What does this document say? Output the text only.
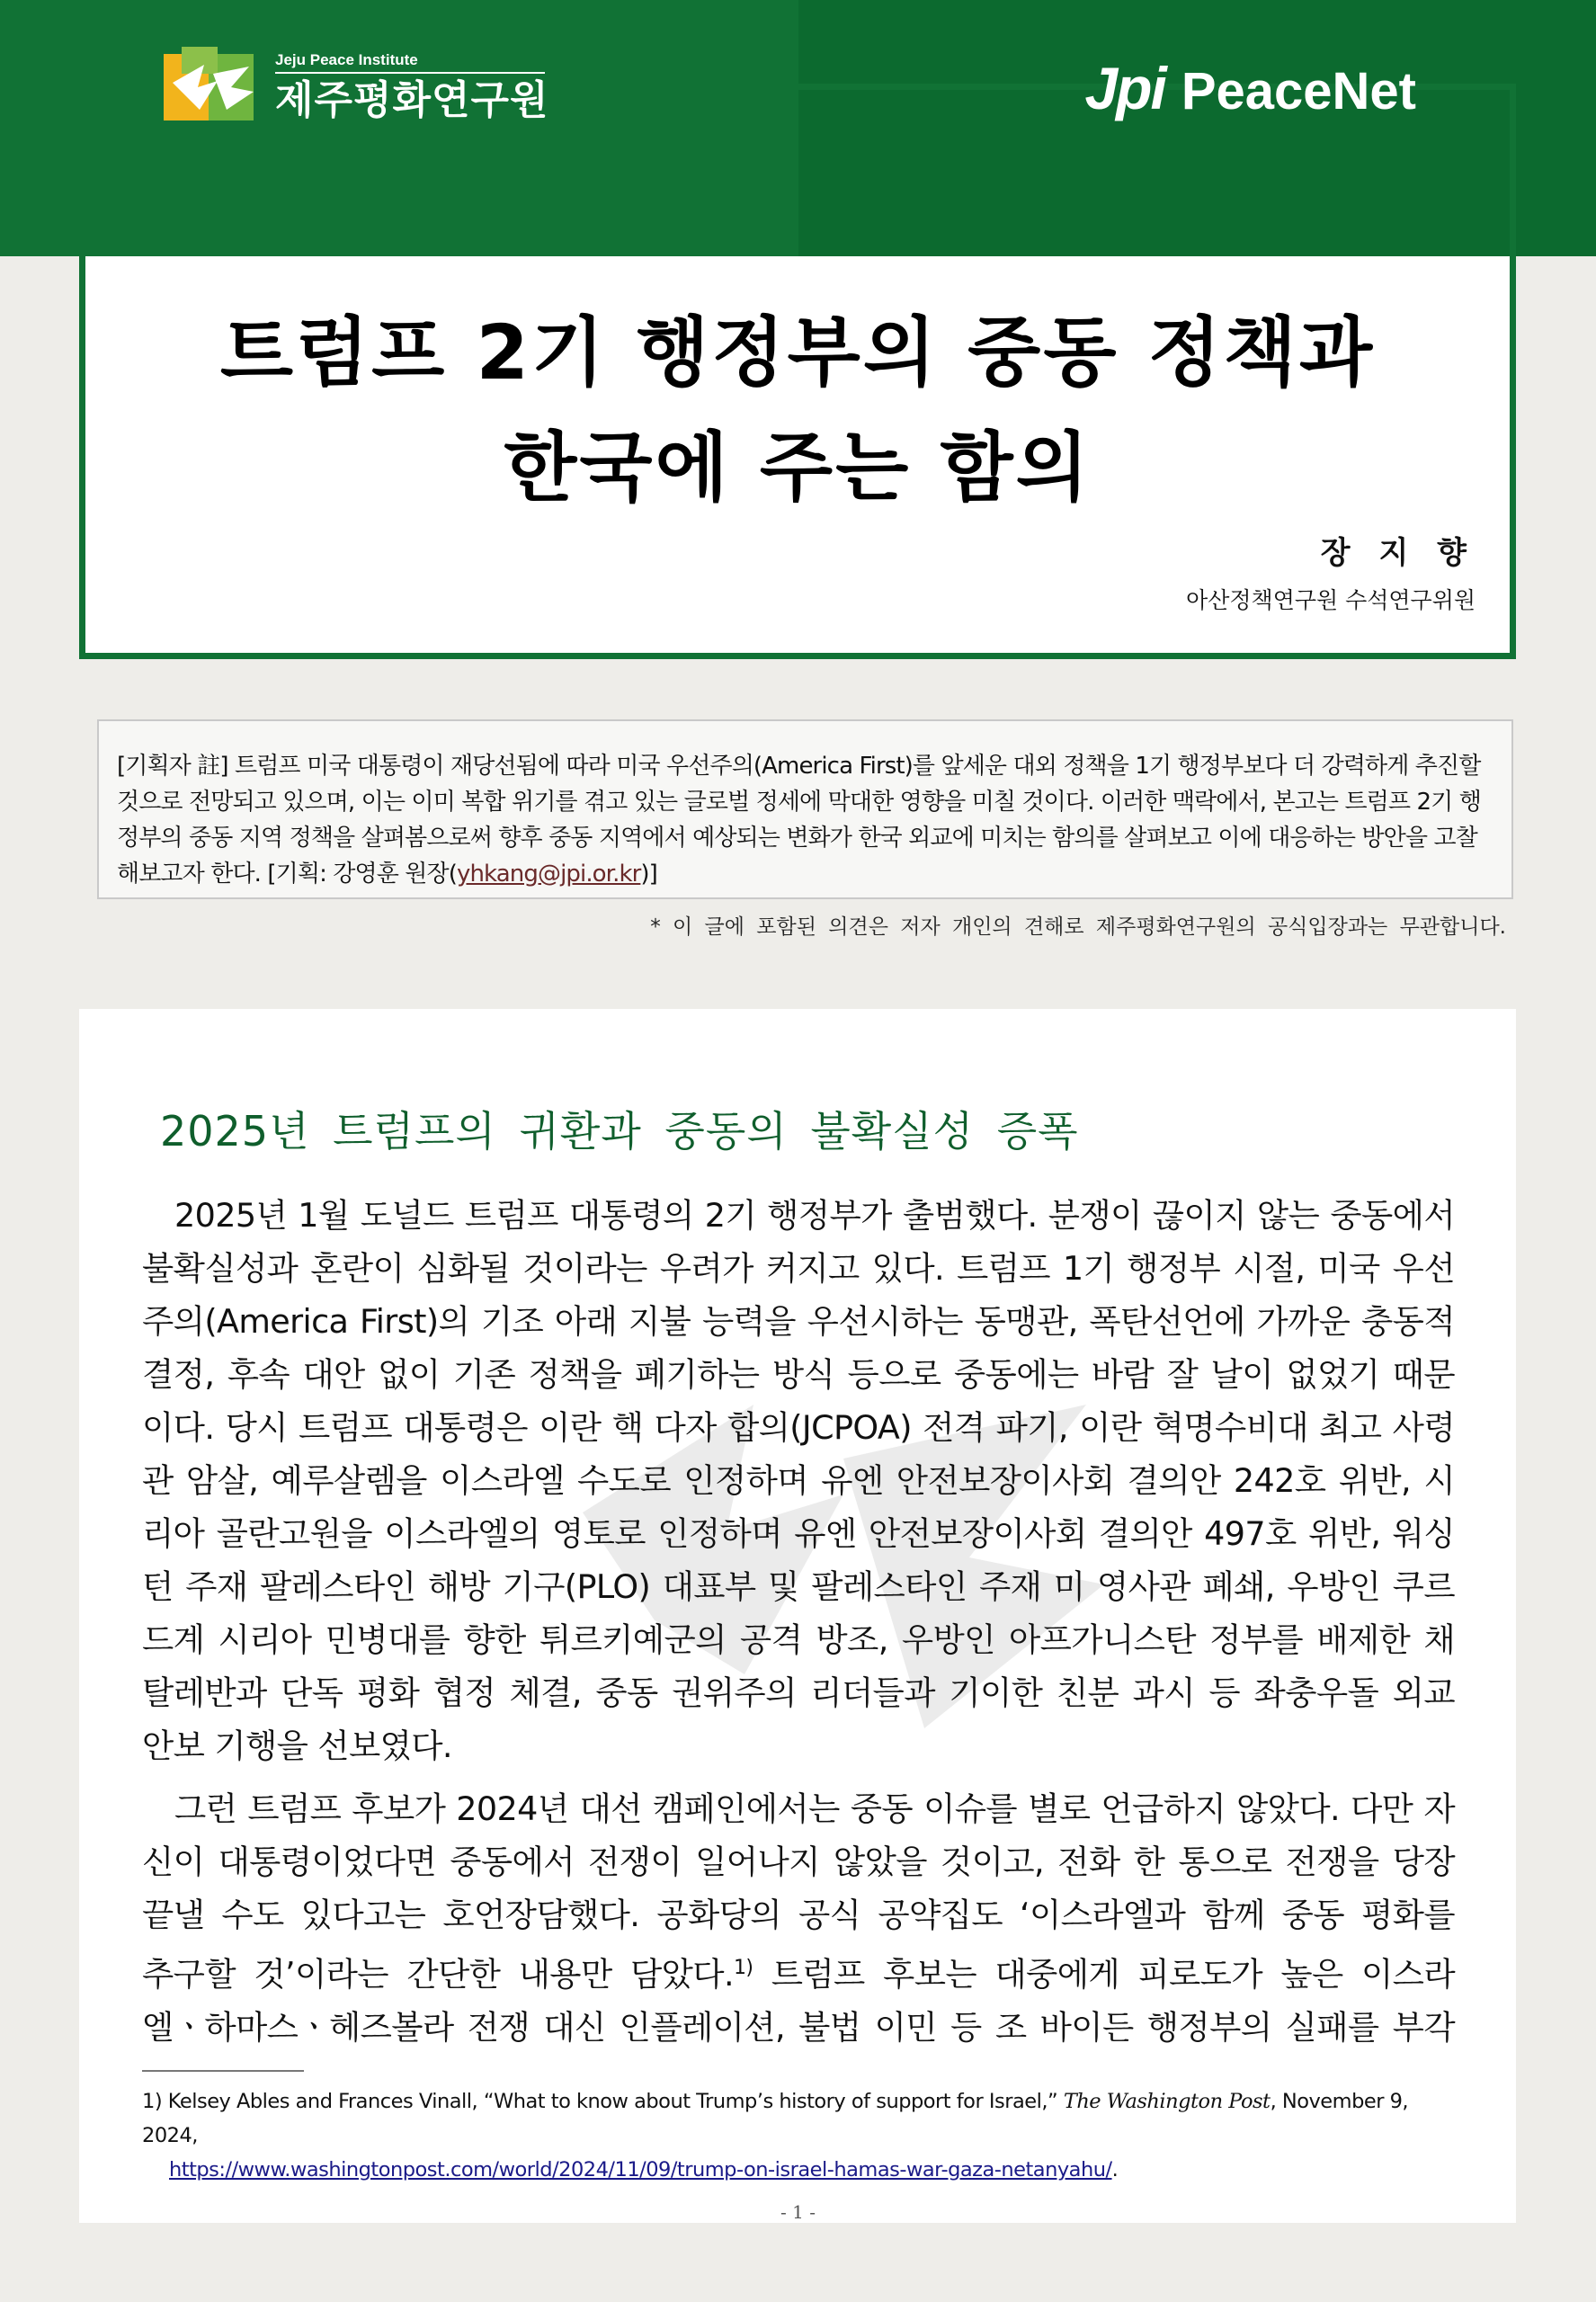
Jeju Peace Institute
제주평화연구원	Jpi PeaceNet
트럼프 2기 행정부의 중동 정책과
한국에 주는 함의
장 지 향
아산정책연구원 수석연구위원
[기획자 註] 트럼프 미국 대통령이 재당선됨에 따라 미국 우선주의(America First)를 앞세운 대외 정책을 1기 행정부보다 더 강력하게 추진할 것으로 전망되고 있으며, 이는 이미 복합 위기를 겪고 있는 글로벌 정세에 막대한 영향을 미칠 것이다. 이러한 맥락에서, 본고는 트럼프 2기 행정부의 중동 지역 정책을 살펴봄으로써 향후 중동 지역에서 예상되는 변화가 한국 외교에 미치는 함의를 살펴보고 이에 대응하는 방안을 고찰해보고자 한다. [기획: 강영훈 원장(yhkang@jpi.or.kr)]
* 이 글에 포함된 의견은 저자 개인의 견해로 제주평화연구원의 공식입장과는 무관합니다.
2025년 트럼프의 귀환과 중동의 불확실성 증폭
2025년 1월 도널드 트럼프 대통령의 2기 행정부가 출범했다. 분쟁이 끊이지 않는 중동에서
불확실성과 혼란이 심화될 것이라는 우려가 커지고 있다. 트럼프 1기 행정부 시절, 미국 우선
주의(America First)의 기조 아래 지불 능력을 우선시하는 동맹관, 폭탄선언에 가까운 충동적
결정, 후속 대안 없이 기존 정책을 폐기하는 방식 등으로 중동에는 바람 잘 날이 없었기 때문
이다. 당시 트럼프 대통령은 이란 핵 다자 합의(JCPOA) 전격 파기, 이란 혁명수비대 최고 사령
관 암살, 예루살렘을 이스라엘 수도로 인정하며 유엔 안전보장이사회 결의안 242호 위반, 시
리아 골란고원을 이스라엘의 영토로 인정하며 유엔 안전보장이사회 결의안 497호 위반, 워싱
턴 주재 팔레스타인 해방 기구(PLO) 대표부 및 팔레스타인 주재 미 영사관 폐쇄, 우방인 쿠르
드계 시리아 민병대를 향한 튀르키예군의 공격 방조, 우방인 아프가니스탄 정부를 배제한 채
탈레반과 단독 평화 협정 체결, 중동 권위주의 리더들과 기이한 친분 과시 등 좌충우돌 외교
안보 기행을 선보였다.
그런 트럼프 후보가 2024년 대선 캠페인에서는 중동 이슈를 별로 언급하지 않았다. 다만 자
신이 대통령이었다면 중동에서 전쟁이 일어나지 않았을 것이고, 전화 한 통으로 전쟁을 당장
끝낼 수도 있다고는 호언장담했다. 공화당의 공식 공약집도 ‘이스라엘과 함께 중동 평화를
추구할 것’이라는 간단한 내용만 담았다.$^{1)}$ 트럼프 후보는 대중에게 피로도가 높은 이스라
엘ㆍ하마스ㆍ헤즈볼라 전쟁 대신 인플레이션, 불법 이민 등 조 바이든 행정부의 실패를 부각
1) Kelsey Ables and Frances Vinall, “What to know about Trump’s history of support for Israel,” The Washington Post, November 9, 2024,
https://www.washingtonpost.com/world/2024/11/09/trump-on-israel-hamas-war-gaza-netanyahu/.
- 1 -
